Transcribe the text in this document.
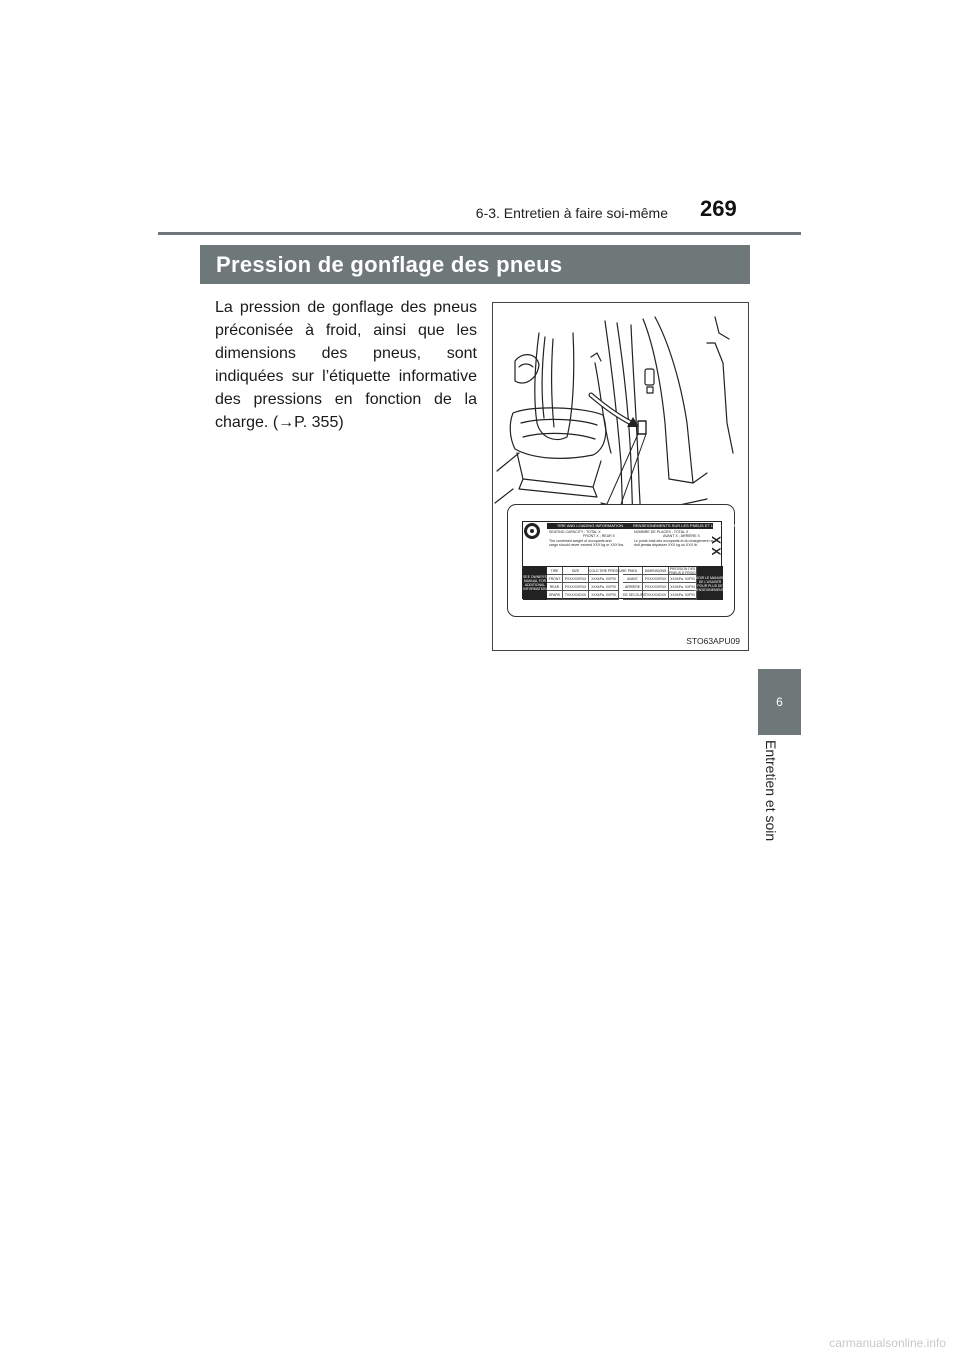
6-3. Entretien à faire soi-même 269
6
Entretien et soin
Pression de gonflage des pneus

La pression de gonflage des pneus préconisée à froid, ainsi que les dimensions des pneus, sont indiquées sur l’étiquette informative des pressions en fonction de la charge. (→P. 355)

TIRE AND LOADING INFORMATION	RENSEIGNEMENTS SUR LES PNEUS ET LE CHARGEMENT
SEATING CAPACITY : TOTAL X
FRONT X ; REAR X
The combined weight of occupants and
cargo should never exceed XXX kg or XXX lbs.
NOMBRE DE PLACES : TOTAL X
AVANT X ; ARRIÈRE X
Le poids total des occupants et du chargement ne
doit jamais dépasser XXX kg ou XXX lb. X X
SEE OWNER'S
MANUAL FOR
ADDITIONAL
INFORMATION
TIRE	SIZE	COLD TIRE PRESSURE PNEU	DIMENSIONS	PRESSION DES PNEUS À FROID
FRONT	PXXX/XXRXX	XXXkPa, XXPSI	AVANT	PXXX/XXRXX	XXXkPa, XXPSI
REAR	PXXX/XXRXX	XXXkPa, XXPSI	ARRIÈRE	PXXX/XXRXX	XXXkPa, XXPSI
SPARE	TXXX/XXDXX	XXXkPa, XXPSI	DE SECOURS TXXX/XXDXX	XXXkPa, XXPSI
VOIR LE MANUEL
DE L'USAGER
POUR PLUS DE
RENSEIGNEMENTS
STO63APU09
carmanualsonline.info
